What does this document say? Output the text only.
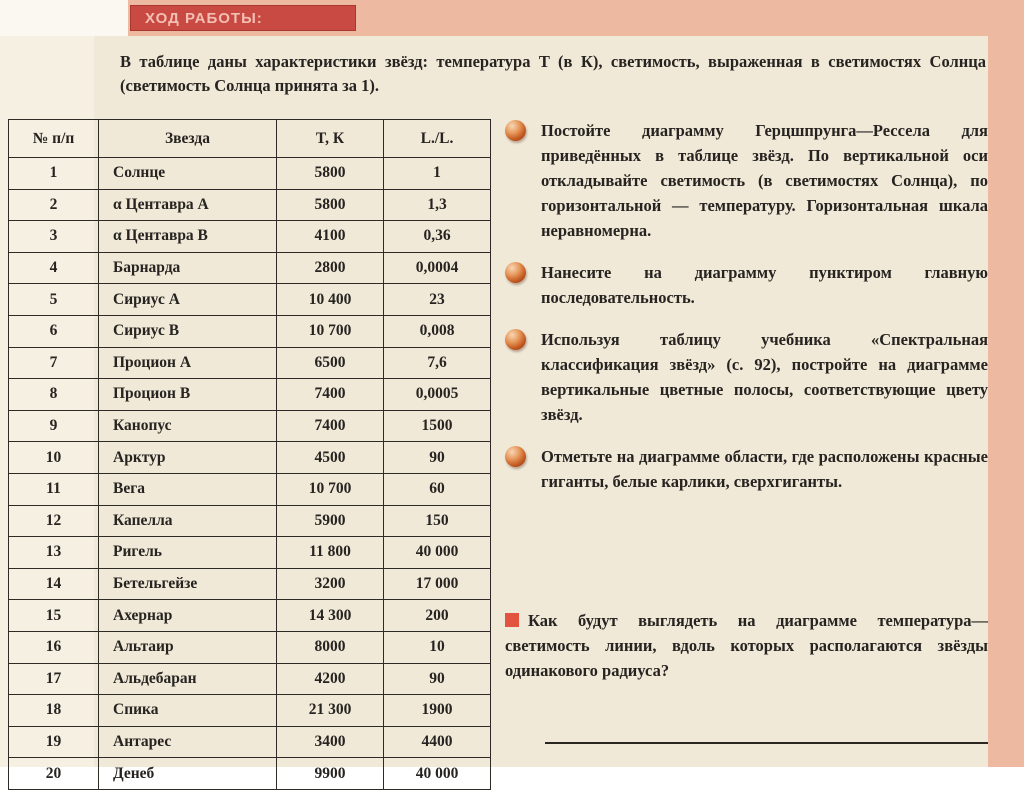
ХОД РАБОТЫ:

В таблице даны характеристики звёзд: температура T (в К), светимость, выраженная в светимостях Солнца (светимость Солнца принята за 1).

№ п/п	Звезда	T, К	L./L.
1	Солнце	5800	1
2	α Центавра A	5800	1,3
3	α Центавра B	4100	0,36
4	Барнарда	2800	0,0004
5	Сириус A	10 400	23
6	Сириус B	10 700	0,008
7	Процион A	6500	7,6
8	Процион B	7400	0,0005
9	Канопус	7400	1500
10	Арктур	4500	90
11	Вега	10 700	60
12	Капелла	5900	150
13	Ригель	11 800	40 000
14	Бетельгейзе	3200	17 000
15	Ахернар	14 300	200
16	Альтаир	8000	10
17	Альдебаран	4200	90
18	Спика	21 300	1900
19	Антарес	3400	4400
20	Денеб	9900	40 000

Постойте диаграмму Герцшпрунга—Рессела для приведённых в таблице звёзд. По вертикальной оси откладывайте светимость (в светимостях Солнца), по горизонтальной — температуру. Горизонтальная шкала неравномерна.

Нанесите на диаграмму пунктиром главную последовательность.

Используя таблицу учебника «Спектральная классификация звёзд» (с. 92), постройте на диаграмме вертикальные цветные полосы, соответствующие цвету звёзд.

Отметьте на диаграмме области, где расположены красные гиганты, белые карлики, сверхгиганты.

Как будут выглядеть на диаграмме температура—светимость линии, вдоль которых располагаются звёзды одинакового радиуса?
